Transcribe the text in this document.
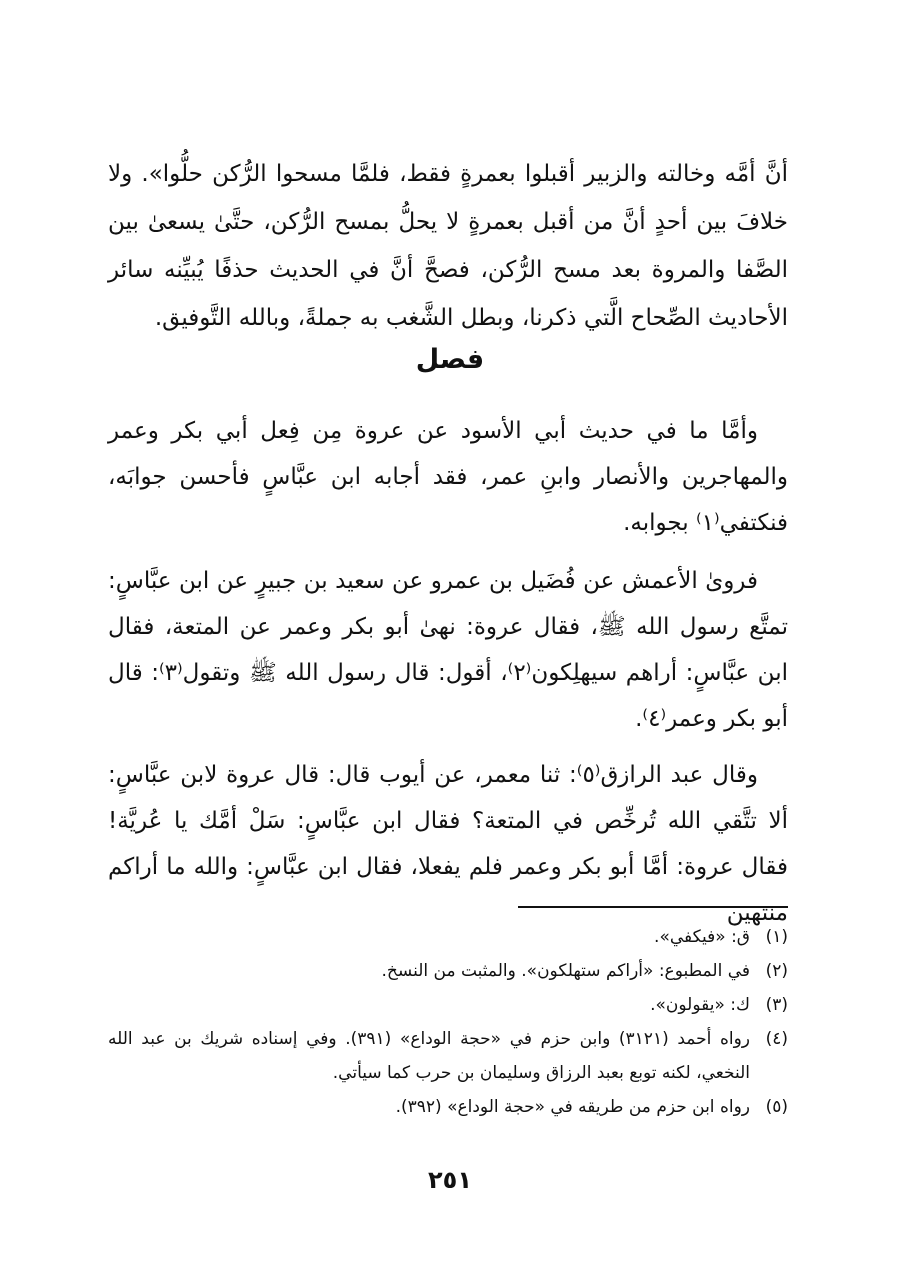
أنَّ أمَّه وخالته والزبير أقبلوا بعمرةٍ فقط، فلمَّا مسحوا الرُّكن حلُّوا». ولا خلافَ بين أحدٍ أنَّ من أقبل بعمرةٍ لا يحلُّ بمسح الرُّكن، حتَّىٰ يسعىٰ بين الصَّفا والمروة بعد مسح الرُّكن، فصحَّ أنَّ في الحديث حذفًا يُبيِّنه سائر الأحاديث الصِّحاح الَّتي ذكرنا، وبطل الشَّغب به جملةً، وبالله التَّوفيق.

فصل

وأمَّا ما في حديث أبي الأسود عن عروة مِن فِعل أبي بكر وعمر والمهاجرين والأنصار وابنِ عمر، فقد أجابه ابن عبَّاسٍ فأحسن جوابَه، فنكتفي⁽١⁾ بجوابه.

فروىٰ الأعمش عن فُضَيل بن عمرو عن سعيد بن جبيرٍ عن ابن عبَّاسٍ: تمتَّع رسول الله ﷺ، فقال عروة: نهىٰ أبو بكر وعمر عن المتعة، فقال ابن عبَّاسٍ: أراهم سيهلِكون⁽٢⁾، أقول: قال رسول الله ﷺ وتقول⁽٣⁾: قال أبو بكر وعمر⁽٤⁾.

وقال عبد الرازق⁽٥⁾: ثنا معمر، عن أيوب قال: قال عروة لابن عبَّاسٍ: ألا تتَّقي الله تُرخِّص في المتعة؟ فقال ابن عبَّاسٍ: سَلْ أمَّك يا عُريَّة! فقال عروة: أمَّا أبو بكر وعمر فلم يفعلا، فقال ابن عبَّاسٍ: والله ما أراكم منتهين

(١)
ق: «فيكفي».
(٢)
في المطبوع: «أراكم ستهلكون». والمثبت من النسخ.
(٣)
ك: «يقولون».
(٤)
رواه أحمد (٣١٢١) وابن حزم في «حجة الوداع» (٣٩١). وفي إسناده شريك بن عبد الله النخعي، لكنه توبع بعبد الرزاق وسليمان بن حرب كما سيأتي.
(٥)
رواه ابن حزم من طريقه في «حجة الوداع» (٣٩٢).
٢٥١
